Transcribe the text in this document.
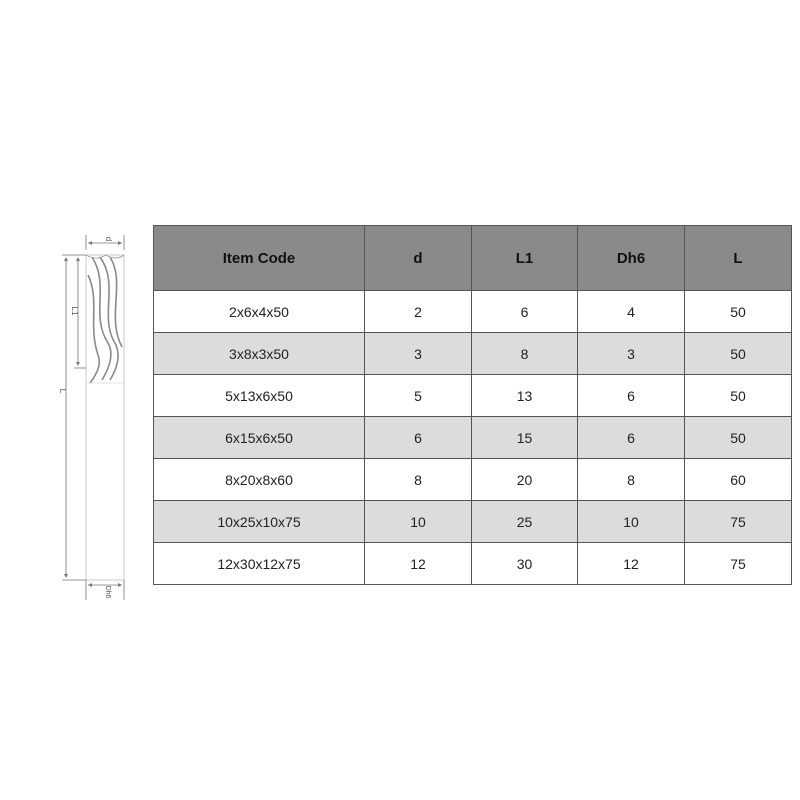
d
L1
L
Dh6
Item Code	d	L1	Dh6	L
2x6x4x50	2	6	4	50
3x8x3x50	3	8	3	50
5x13x6x50	5	13	6	50
6x15x6x50	6	15	6	50
8x20x8x60	8	20	8	60
10x25x10x75	10	25	10	75
12x30x12x75	12	30	12	75
